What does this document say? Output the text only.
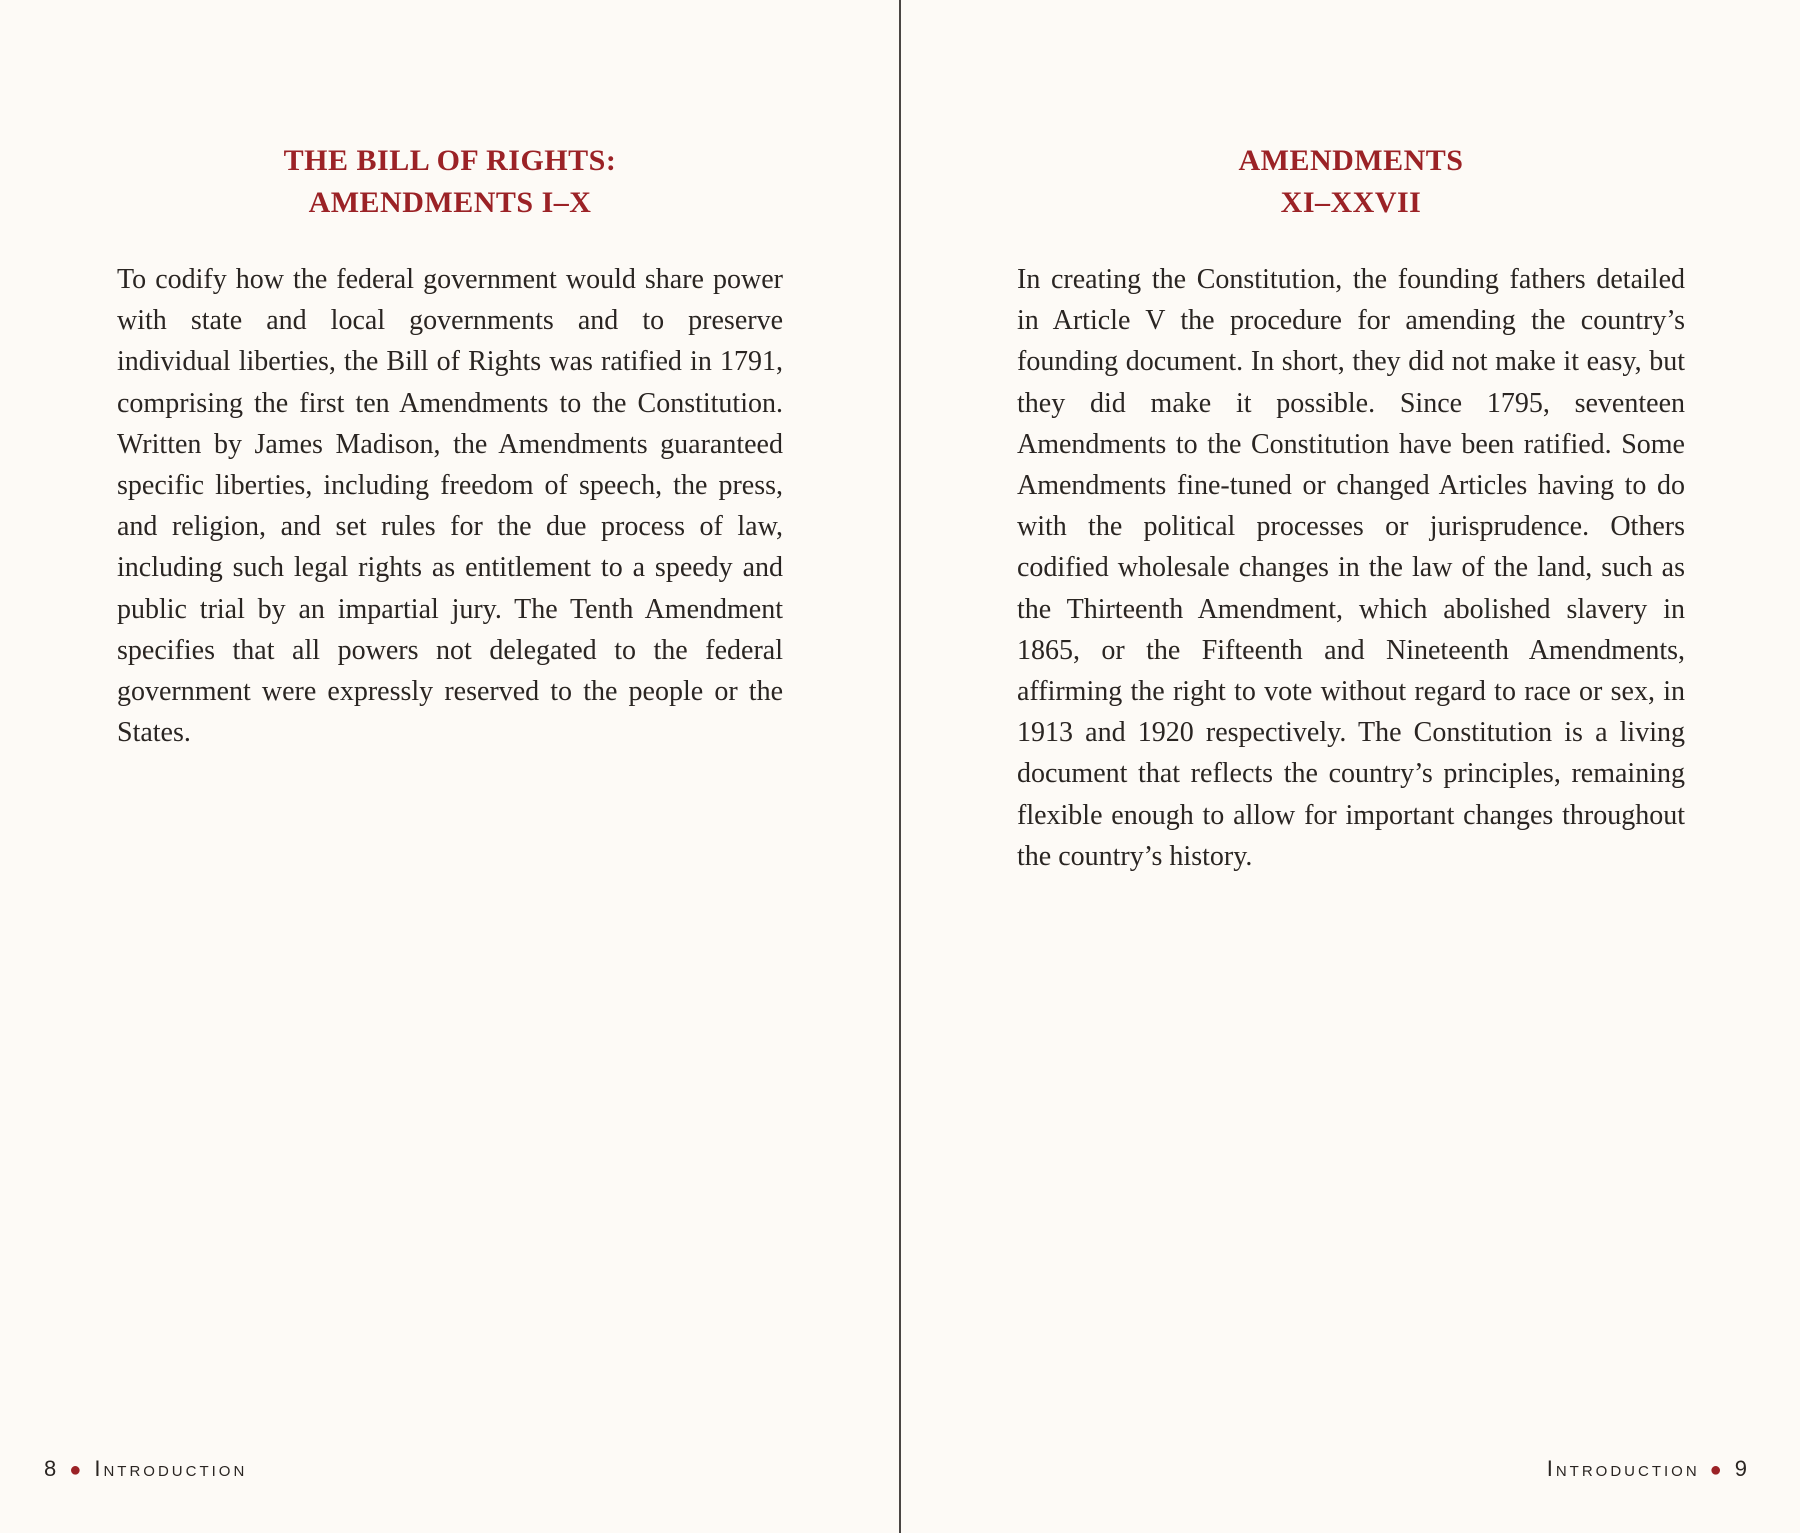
THE BILL OF RIGHTS:
AMENDMENTS I–X

To codify how the federal government would share power with state and local governments and to preserve individual liberties, the Bill of Rights was ratified in 1791, comprising the first ten Amendments to the Constitution. Written by James Madison, the Amendments guaranteed specific liberties, including freedom of speech, the press, and religion, and set rules for the due process of law, including such legal rights as entitlement to a speedy and public trial by an impartial jury. The Tenth Amendment specifies that all powers not delegated to the federal government were expressly reserved to the people or the States.

8 ● Introduction
AMENDMENTS
XI–XXVII

In creating the Constitution, the founding fathers detailed in Article V the procedure for amending the country’s founding document. In short, they did not make it easy, but they did make it possible. Since 1795, seventeen Amendments to the Constitution have been ratified. Some Amendments fine-tuned or changed Articles having to do with the political processes or jurisprudence. Others codified wholesale changes in the law of the land, such as the Thirteenth Amendment, which abolished slavery in 1865, or the Fifteenth and Nineteenth Amendments, affirming the right to vote without regard to race or sex, in 1913 and 1920 respectively. The Constitution is a living document that reflects the country’s principles, remaining flexible enough to allow for important changes throughout the country’s history.

Introduction ● 9
